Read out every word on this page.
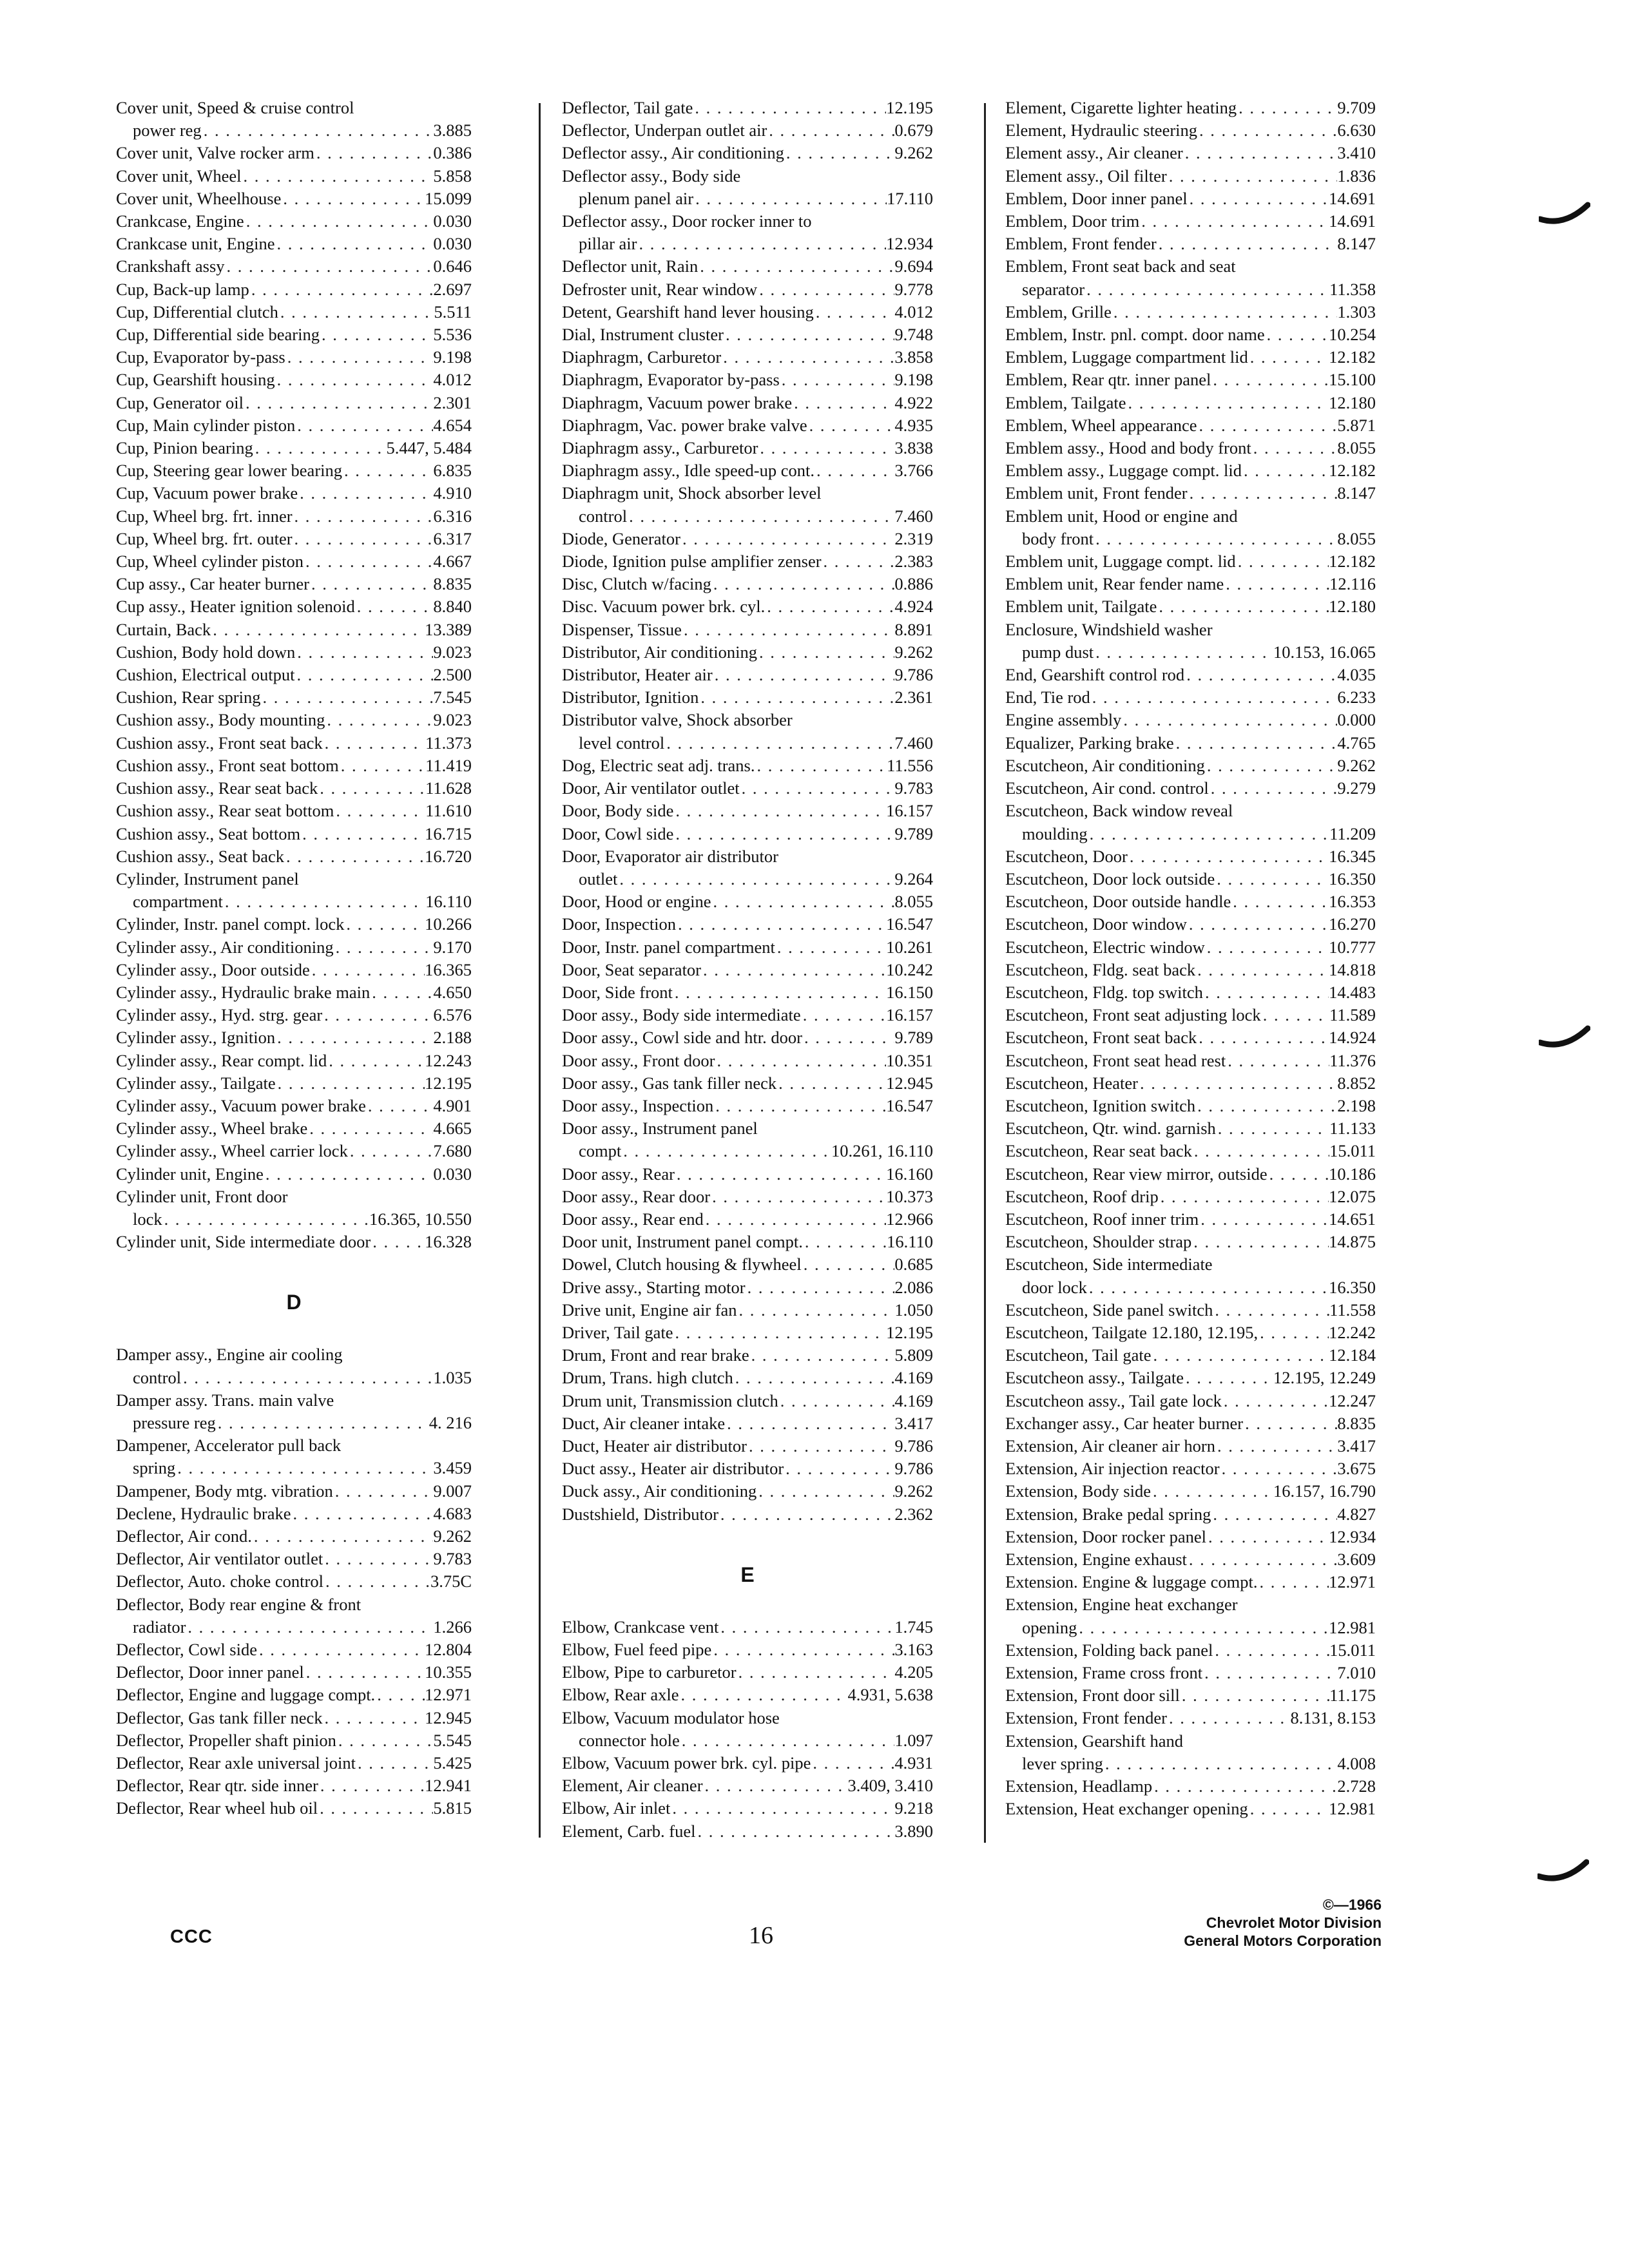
Cover unit, Speed & cruise control
power reg . . .	3.885
Cover unit, Valve rocker arm . . .	0.386
Cover unit, Wheel . . .	5.858
Cover unit, Wheelhouse . . .	15.099
Crankcase, Engine . . .	0.030
Crankcase unit, Engine . . .	0.030
Crankshaft assy . . .	0.646
Cup, Back-up lamp . . .	2.697
Cup, Differential clutch . . .	5.511
Cup, Differential side bearing . . .	5.536
Cup, Evaporator by-pass . . .	9.198
Cup, Gearshift housing . . .	4.012
Cup, Generator oil . . .	2.301
Cup, Main cylinder piston . . .	4.654
Cup, Pinion bearing . . .	5.447, 5.484
Cup, Steering gear lower bearing . . .	6.835
Cup, Vacuum power brake . . .	4.910
Cup, Wheel brg. frt. inner . . .	6.316
Cup, Wheel brg. frt. outer . . .	6.317
Cup, Wheel cylinder piston . . .	4.667
Cup assy., Car heater burner . . .	8.835
Cup assy., Heater ignition solenoid . . .	8.840
Curtain, Back . . .	13.389
Cushion, Body hold down . . .	9.023
Cushion, Electrical output . . .	2.500
Cushion, Rear spring . . .	7.545
Cushion assy., Body mounting . . .	9.023
Cushion assy., Front seat back . . .	11.373
Cushion assy., Front seat bottom . . .	11.419
Cushion assy., Rear seat back . . .	11.628
Cushion assy., Rear seat bottom . . .	11.610
Cushion assy., Seat bottom . . .	16.715
Cushion assy., Seat back . . .	16.720
Cylinder, Instrument panel
compartment . . .	16.110
Cylinder, Instr. panel compt. lock . . .	10.266
Cylinder assy., Air conditioning . . .	9.170
Cylinder assy., Door outside . . .	16.365
Cylinder assy., Hydraulic brake main . . .	4.650
Cylinder assy., Hyd. strg. gear . . .	6.576
Cylinder assy., Ignition . . .	2.188
Cylinder assy., Rear compt. lid . . .	12.243
Cylinder assy., Tailgate . . .	12.195
Cylinder assy., Vacuum power brake . . .	4.901
Cylinder assy., Wheel brake . . .	4.665
Cylinder assy., Wheel carrier lock . . .	7.680
Cylinder unit, Engine . . .	0.030
Cylinder unit, Front door
lock . . .	16.365, 10.550
Cylinder unit, Side intermediate door . . .	16.328
D
Damper assy., Engine air cooling
control . . .	1.035
Damper assy. Trans. main valve
pressure reg . . .	4. 216
Dampener, Accelerator pull back
spring . . .	3.459
Dampener, Body mtg. vibration . . .	9.007
Declene, Hydraulic brake . . .	4.683
Deflector, Air cond. . . .	9.262
Deflector, Air ventilator outlet . . .	9.783
Deflector, Auto. choke control . . .	3.75C
Deflector, Body rear engine & front
radiator . . .	1.266
Deflector, Cowl side . . .	12.804
Deflector, Door inner panel . . .	10.355
Deflector, Engine and luggage compt. . . .	12.971
Deflector, Gas tank filler neck . . .	12.945
Deflector, Propeller shaft pinion . . .	5.545
Deflector, Rear axle universal joint . . .	5.425
Deflector, Rear qtr. side inner . . .	12.941
Deflector, Rear wheel hub oil . . .	5.815
Deflector, Tail gate . . .	12.195
Deflector, Underpan outlet air . . .	0.679
Deflector assy., Air conditioning . . .	9.262
Deflector assy., Body side
plenum panel air . . .	17.110
Deflector assy., Door rocker inner to
pillar air . . .	12.934
Deflector unit, Rain . . .	9.694
Defroster unit, Rear window . . .	9.778
Detent, Gearshift hand lever housing . . .	4.012
Dial, Instrument cluster . . .	9.748
Diaphragm, Carburetor . . .	3.858
Diaphragm, Evaporator by-pass . . .	9.198
Diaphragm, Vacuum power brake . . .	4.922
Diaphragm, Vac. power brake valve . . .	4.935
Diaphragm assy., Carburetor . . .	3.838
Diaphragm assy., Idle speed-up cont. . . .	3.766
Diaphragm unit, Shock absorber level
control . . .	7.460
Diode, Generator . . .	2.319
Diode, Ignition pulse amplifier zenser . . .	2.383
Disc, Clutch w/facing . . .	0.886
Disc. Vacuum power brk. cyl. . . .	4.924
Dispenser, Tissue . . .	8.891
Distributor, Air conditioning . . .	9.262
Distributor, Heater air . . .	9.786
Distributor, Ignition . . .	2.361
Distributor valve, Shock absorber
level control . . .	7.460
Dog, Electric seat adj. trans. . . .	11.556
Door, Air ventilator outlet . . .	9.783
Door, Body side . . .	16.157
Door, Cowl side . . .	9.789
Door, Evaporator air distributor
outlet . . .	9.264
Door, Hood or engine . . .	8.055
Door, Inspection . . .	16.547
Door, Instr. panel compartment . . .	10.261
Door, Seat separator . . .	10.242
Door, Side front . . .	16.150
Door assy., Body side intermediate . . .	16.157
Door assy., Cowl side and htr. door . . .	9.789
Door assy., Front door . . .	10.351
Door assy., Gas tank filler neck . . .	12.945
Door assy., Inspection . . .	16.547
Door assy., Instrument panel
compt . . .	10.261, 16.110
Door assy., Rear . . .	16.160
Door assy., Rear door . . .	10.373
Door assy., Rear end . . .	12.966
Door unit, Instrument panel compt. . . .	16.110
Dowel, Clutch housing & flywheel . . .	0.685
Drive assy., Starting motor . . .	2.086
Drive unit, Engine air fan . . .	1.050
Driver, Tail gate . . .	12.195
Drum, Front and rear brake . . .	5.809
Drum, Trans. high clutch . . .	4.169
Drum unit, Transmission clutch . . .	4.169
Duct, Air cleaner intake . . .	3.417
Duct, Heater air distributor . . .	9.786
Duct assy., Heater air distributor . . .	9.786
Duck assy., Air conditioning . . .	9.262
Dustshield, Distributor . . .	2.362
E
Elbow, Crankcase vent . . .	1.745
Elbow, Fuel feed pipe . . .	3.163
Elbow, Pipe to carburetor . . .	4.205
Elbow, Rear axle . . .	4.931, 5.638
Elbow, Vacuum modulator hose
connector hole . . .	1.097
Elbow, Vacuum power brk. cyl. pipe . . .	4.931
Element, Air cleaner . . .	3.409, 3.410
Elbow, Air inlet . . .	9.218
Element, Carb. fuel . . .	3.890
Element, Cigarette lighter heating . . .	9.709
Element, Hydraulic steering . . .	6.630
Element assy., Air cleaner . . .	3.410
Element assy., Oil filter . . .	1.836
Emblem, Door inner panel . . .	14.691
Emblem, Door trim . . .	14.691
Emblem, Front fender . . .	8.147
Emblem, Front seat back and seat
separator . . .	11.358
Emblem, Grille . . .	1.303
Emblem, Instr. pnl. compt. door name . . .	10.254
Emblem, Luggage compartment lid . . .	12.182
Emblem, Rear qtr. inner panel . . .	15.100
Emblem, Tailgate . . .	12.180
Emblem, Wheel appearance . . .	5.871
Emblem assy., Hood and body front . . .	8.055
Emblem assy., Luggage compt. lid . . .	12.182
Emblem unit, Front fender . . .	8.147
Emblem unit, Hood or engine and
body front . . .	8.055
Emblem unit, Luggage compt. lid . . .	12.182
Emblem unit, Rear fender name . . .	12.116
Emblem unit, Tailgate . . .	12.180
Enclosure, Windshield washer
pump dust . . .	10.153, 16.065
End, Gearshift control rod . . .	4.035
End, Tie rod . . .	6.233
Engine assembly . . .	0.000
Equalizer, Parking brake . . .	4.765
Escutcheon, Air conditioning . . .	9.262
Escutcheon, Air cond. control . . .	9.279
Escutcheon, Back window reveal
moulding . . .	11.209
Escutcheon, Door . . .	16.345
Escutcheon, Door lock outside . . .	16.350
Escutcheon, Door outside handle . . .	16.353
Escutcheon, Door window . . .	16.270
Escutcheon, Electric window . . .	10.777
Escutcheon, Fldg. seat back . . .	14.818
Escutcheon, Fldg. top switch . . .	14.483
Escutcheon, Front seat adjusting lock . . .	11.589
Escutcheon, Front seat back . . .	14.924
Escutcheon, Front seat head rest . . .	11.376
Escutcheon, Heater . . .	8.852
Escutcheon, Ignition switch . . .	2.198
Escutcheon, Qtr. wind. garnish . . .	11.133
Escutcheon, Rear seat back . . .	15.011
Escutcheon, Rear view mirror, outside . . .	10.186
Escutcheon, Roof drip . . .	12.075
Escutcheon, Roof inner trim . . .	14.651
Escutcheon, Shoulder strap . . .	14.875
Escutcheon, Side intermediate
door lock . . .	16.350
Escutcheon, Side panel switch . . .	11.558
Escutcheon, Tailgate 12.180, 12.195, . . .	12.242
Escutcheon, Tail gate . . .	12.184
Escutcheon assy., Tailgate . . .	12.195, 12.249
Escutcheon assy., Tail gate lock . . .	12.247
Exchanger assy., Car heater burner . . .	8.835
Extension, Air cleaner air horn . . .	3.417
Extension, Air injection reactor . . .	3.675
Extension, Body side . . .	16.157, 16.790
Extension, Brake pedal spring . . .	4.827
Extension, Door rocker panel . . .	12.934
Extension, Engine exhaust . . .	3.609
Extension. Engine & luggage compt. . . .	12.971
Extension, Engine heat exchanger
opening . . .	12.981
Extension, Folding back panel . . .	15.011
Extension, Frame cross front . . .	7.010
Extension, Front door sill . . .	11.175
Extension, Front fender . . .	8.131, 8.153
Extension, Gearshift hand
lever spring . . .	4.008
Extension, Headlamp . . .	2.728
Extension, Heat exchanger opening . . .	12.981
CCC	16
©—1966
Chevrolet Motor Division
General Motors Corporation
